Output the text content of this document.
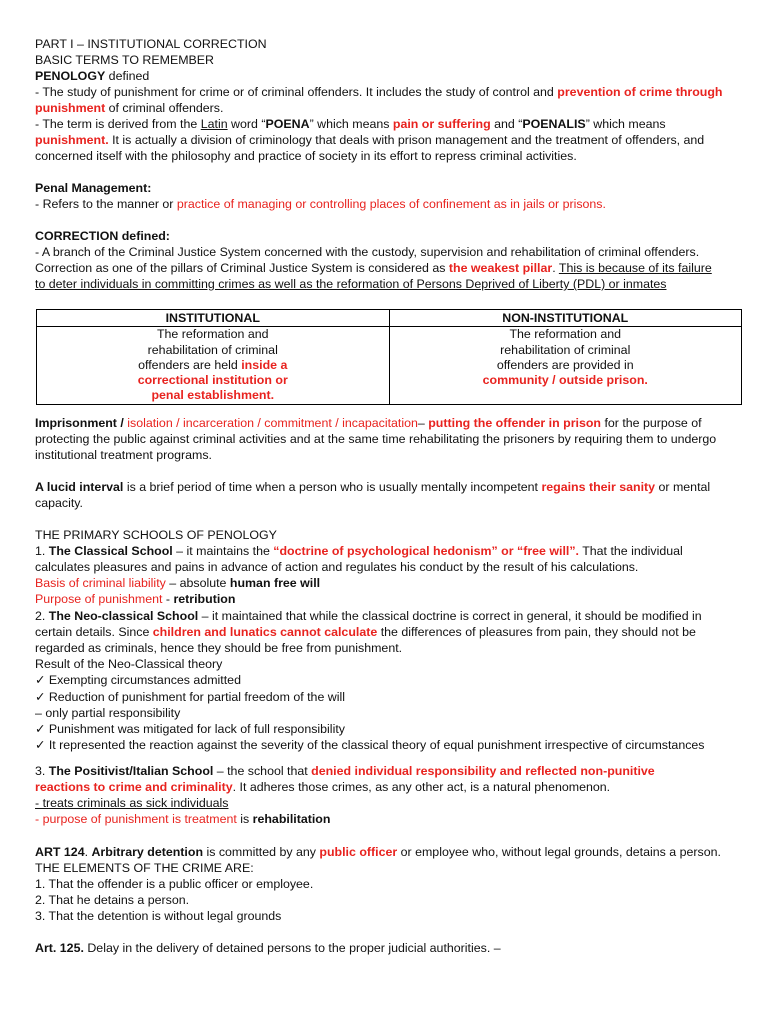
PART I – INSTITUTIONAL CORRECTION
BASIC TERMS TO REMEMBER
PENOLOGY defined
- The study of punishment for crime or of criminal offenders. It includes the study of control and prevention of crime through
punishment of criminal offenders.
- The term is derived from the Latin word “POENA” which means pain or suffering and “POENALIS” which means
punishment. It is actually a division of criminology that deals with prison management and the treatment of offenders, and
concerned itself with the philosophy and practice of society in its effort to repress criminal activities.
Penal Management:
- Refers to the manner or practice of managing or controlling places of confinement as in jails or prisons.
CORRECTION defined:
- A branch of the Criminal Justice System concerned with the custody, supervision and rehabilitation of criminal offenders.
Correction as one of the pillars of Criminal Justice System is considered as the weakest pillar. This is because of its failure
to deter individuals in committing crimes as well as the reformation of Persons Deprived of Liberty (PDL) or inmates
INSTITUTIONAL	NON-INSTITUTIONAL
The reformation and rehabilitation of criminal offenders are held inside a correctional institution or penal establishment.	The reformation and rehabilitation of criminal offenders are provided in community / outside prison.
Imprisonment / isolation / incarceration / commitment / incapacitation– putting the offender in prison for the purpose of
protecting the public against criminal activities and at the same time rehabilitating the prisoners by requiring them to undergo
institutional treatment programs.
A lucid interval is a brief period of time when a person who is usually mentally incompetent regains their sanity or mental
capacity.
THE PRIMARY SCHOOLS OF PENOLOGY
1. The Classical School – it maintains the “doctrine of psychological hedonism” or “free will”. That the individual
calculates pleasures and pains in advance of action and regulates his conduct by the result of his calculations.
Basis of criminal liability – absolute human free will
Purpose of punishment - retribution
2. The Neo-classical School – it maintained that while the classical doctrine is correct in general, it should be modified in
certain details. Since children and lunatics cannot calculate the differences of pleasures from pain, they should not be
regarded as criminals, hence they should be free from punishment.
Result of the Neo-Classical theory
✓ Exempting circumstances admitted
✓ Reduction of punishment for partial freedom of the will
– only partial responsibility
✓ Punishment was mitigated for lack of full responsibility
✓ It represented the reaction against the severity of the classical theory of equal punishment irrespective of circumstances
3. The Positivist/Italian School – the school that denied individual responsibility and reflected non-punitive
reactions to crime and criminality. It adheres those crimes, as any other act, is a natural phenomenon.
- treats criminals as sick individuals
- purpose of punishment is treatment is rehabilitation
ART 124. Arbitrary detention is committed by any public officer or employee who, without legal grounds, detains a person.
THE ELEMENTS OF THE CRIME ARE:
1. That the offender is a public officer or employee.
2. That he detains a person.
3. That the detention is without legal grounds
Art. 125. Delay in the delivery of detained persons to the proper judicial authorities. –
